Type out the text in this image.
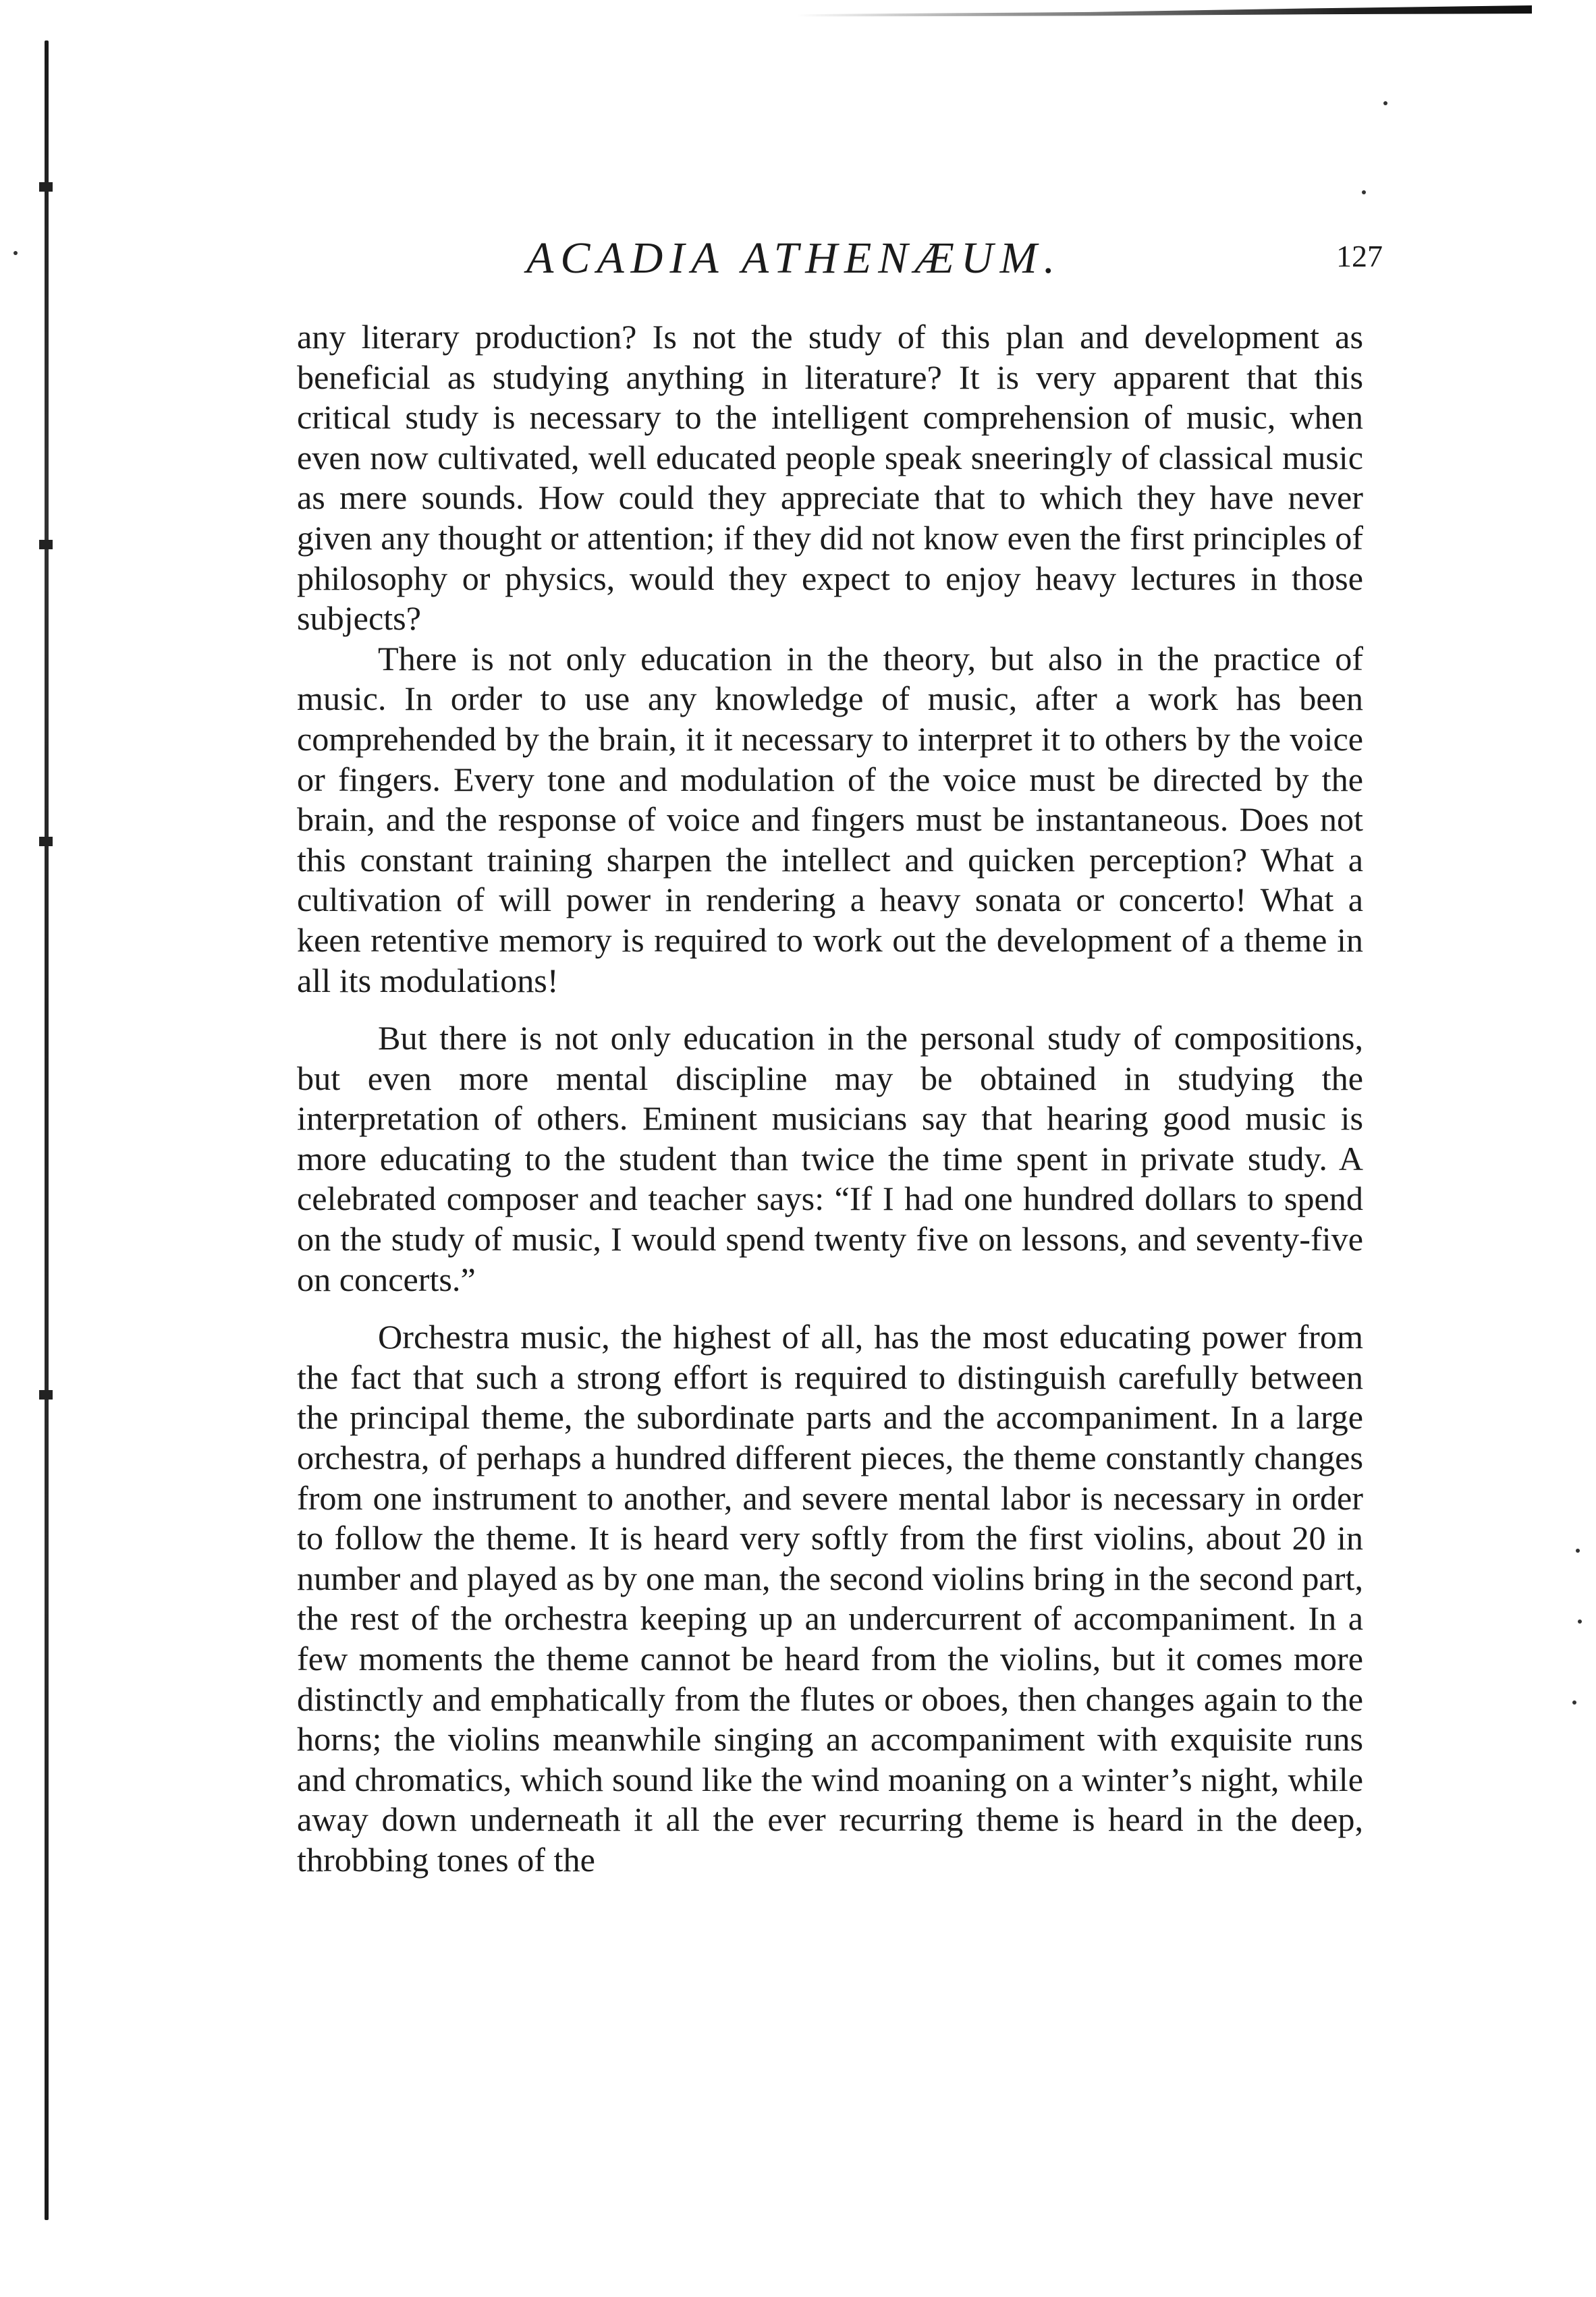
ACADIA ATHENÆUM.	127

any literary production? Is not the study of this plan and development as beneficial as studying anything in literature? It is very apparent that this critical study is necessary to the intelligent comprehension of music, when even now cultivated, well educated people speak sneeringly of classical music as mere sounds. How could they appreciate that to which they have never given any thought or attention; if they did not know even the first principles of philosophy or physics, would they expect to enjoy heavy lectures in those subjects?

There is not only education in the theory, but also in the practice of music. In order to use any knowledge of music, after a work has been comprehended by the brain, it it necessary to interpret it to others by the voice or fingers. Every tone and modulation of the voice must be directed by the brain, and the response of voice and fingers must be instantaneous. Does not this constant training sharpen the intellect and quicken perception? What a cultivation of will power in rendering a heavy sonata or concerto! What a keen retentive memory is required to work out the development of a theme in all its modulations!

But there is not only education in the personal study of compositions, but even more mental discipline may be obtained in studying the interpretation of others. Eminent musicians say that hearing good music is more educating to the student than twice the time spent in private study. A celebrated composer and teacher says: “If I had one hundred dollars to spend on the study of music, I would spend twenty five on lessons, and seventy-five on concerts.”

Orchestra music, the highest of all, has the most educating power from the fact that such a strong effort is required to distinguish carefully between the principal theme, the subordinate parts and the accompaniment. In a large orchestra, of perhaps a hundred different pieces, the theme constantly changes from one instrument to another, and severe mental labor is necessary in order to follow the theme. It is heard very softly from the first violins, about 20 in number and played as by one man, the second violins bring in the second part, the rest of the orchestra keeping up an undercurrent of accompaniment. In a few moments the theme cannot be heard from the violins, but it comes more distinctly and emphatically from the flutes or oboes, then changes again to the horns; the violins meanwhile singing an accompaniment with exquisite runs and chromatics, which sound like the wind moaning on a winter’s night, while away down underneath it all the ever recurring theme is heard in the deep, throbbing tones of the
